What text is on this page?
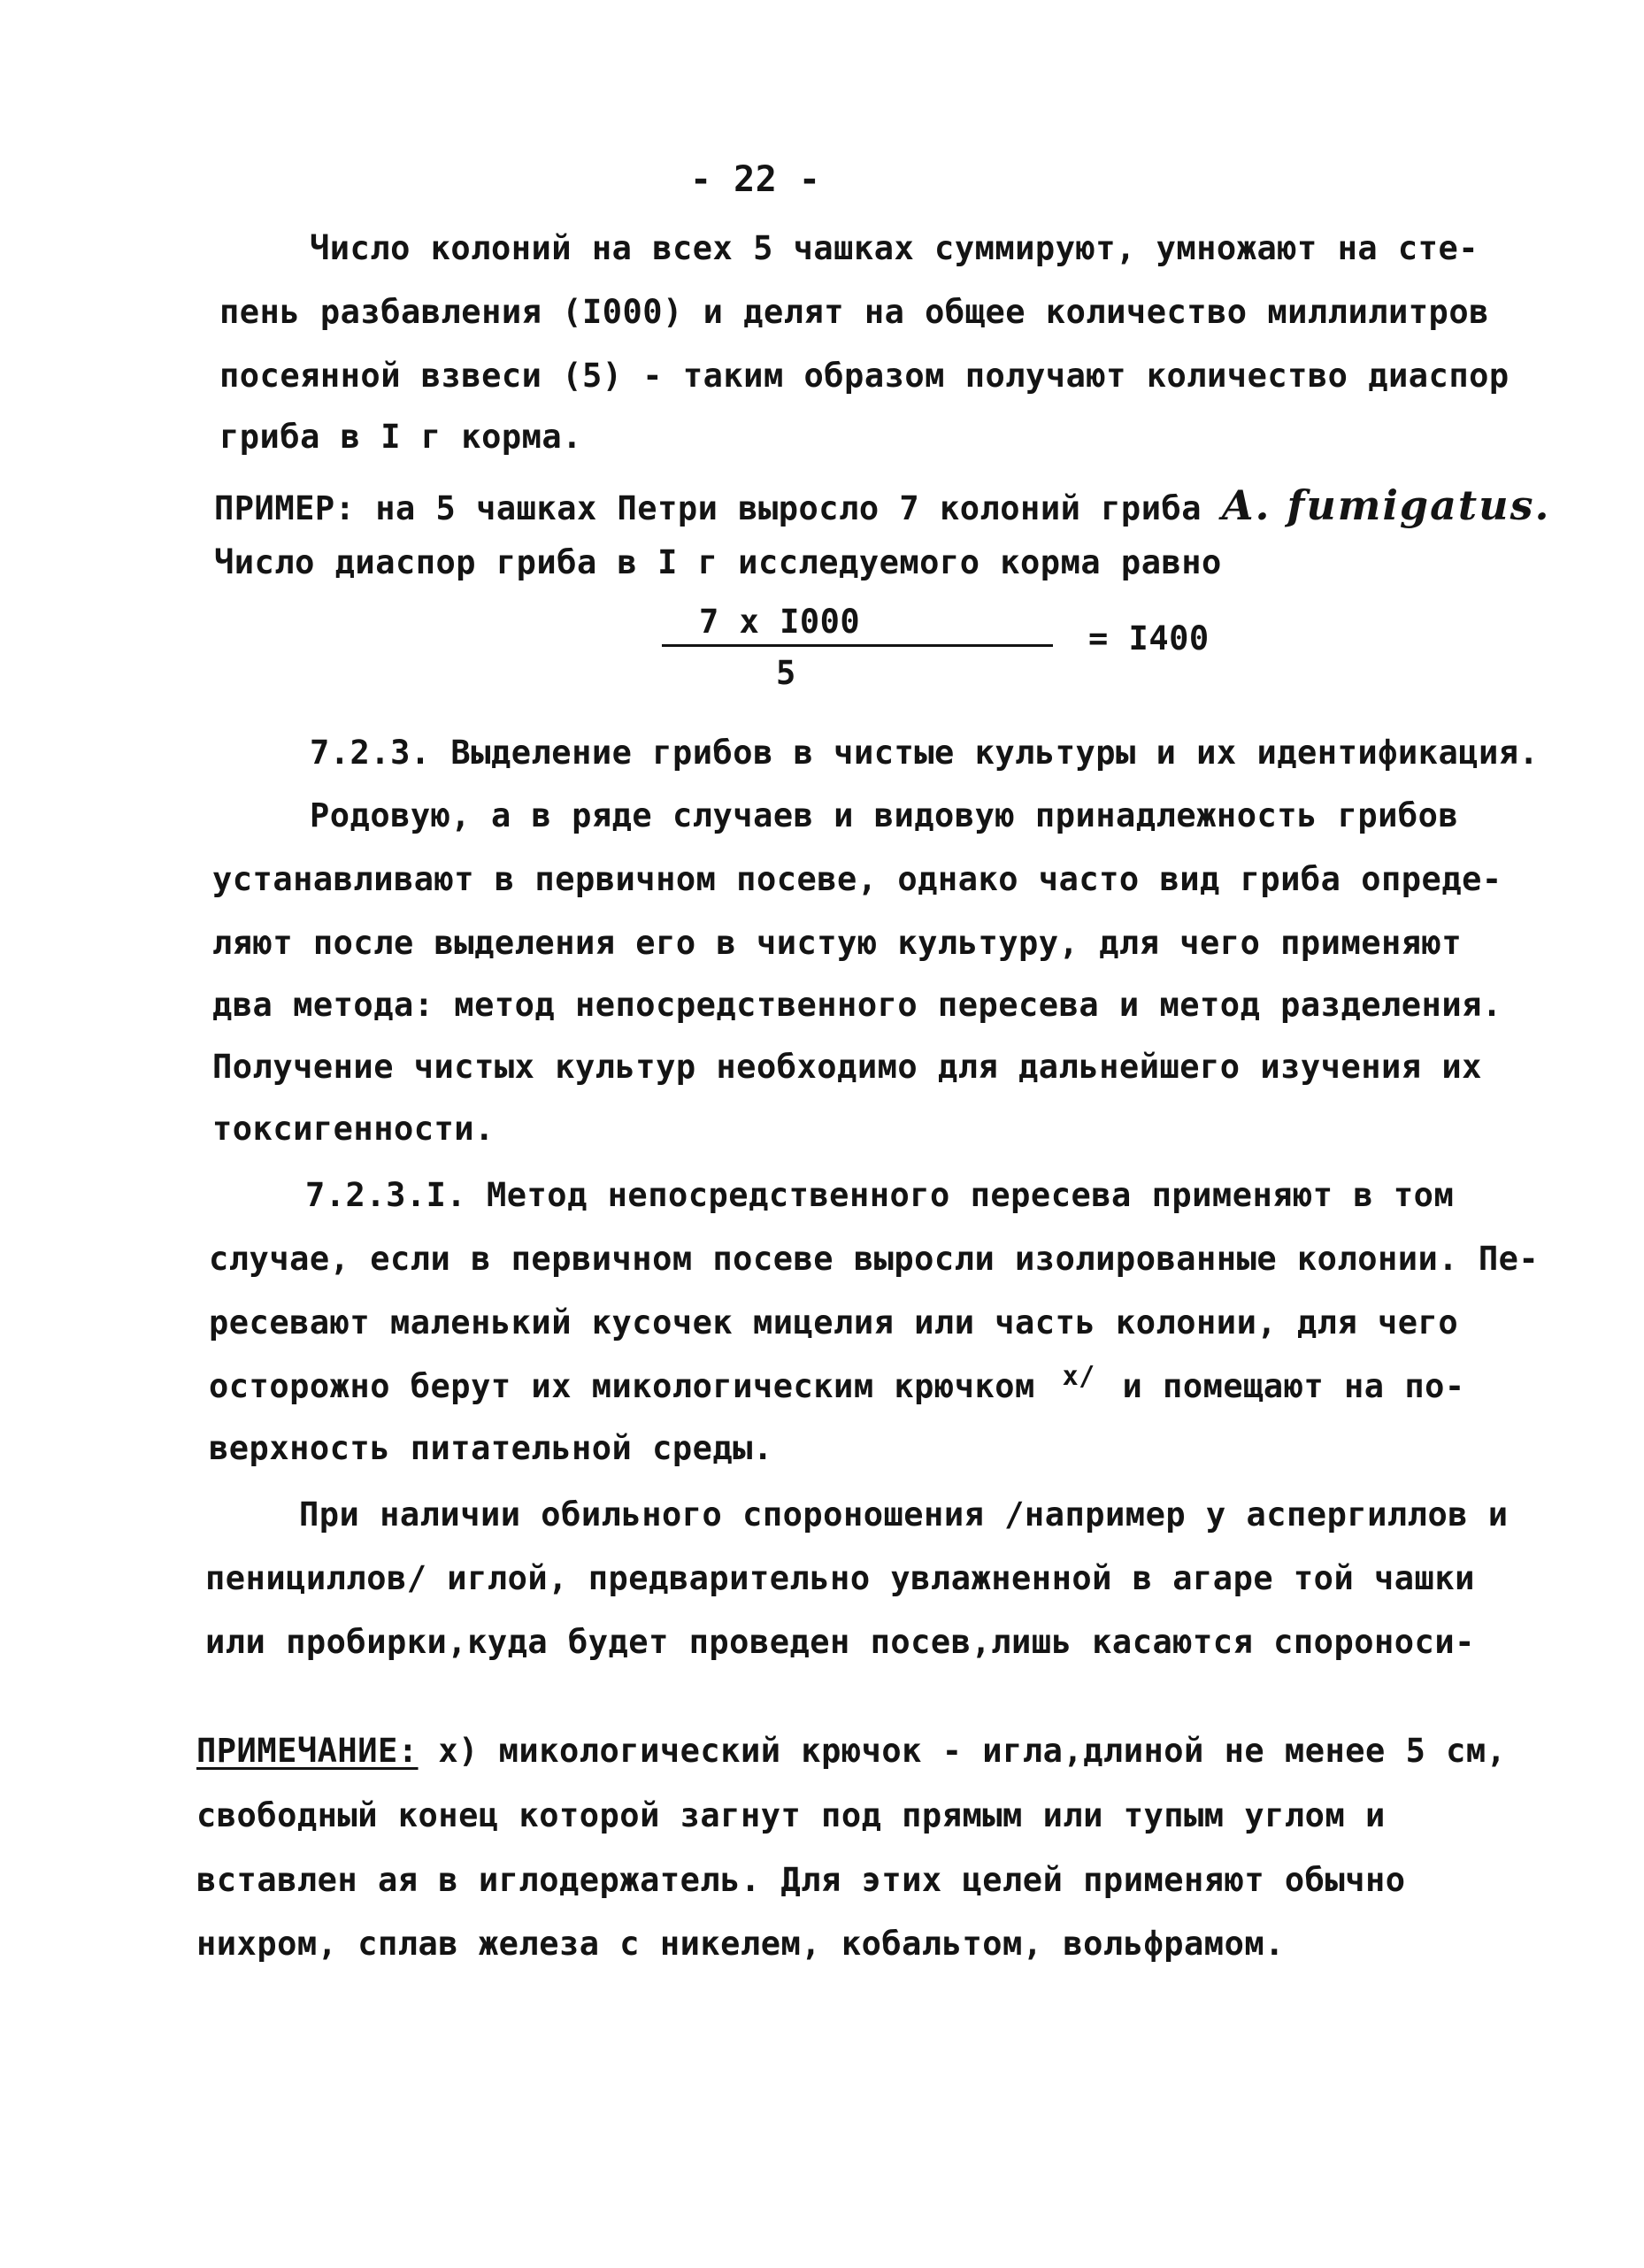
- 22 -
Число колоний на всех 5 чашках суммируют, умножают на сте-
пень разбавления (I000) и делят на общее количество миллилитров
посеянной взвеси (5) - таким образом получают количество диаспор
гриба в I г корма.
ПРИМЕР: на 5 чашках Петри выросло 7 колоний гриба A. fumigatus.
Число диаспор гриба в I г исследуемого корма равно
7 x I000
5
= I400
7.2.3. Выделение грибов в чистые культуры и их идентификация.
Родовую, а в ряде случаев и видовую принадлежность грибов
устанавливают в первичном посеве, однако часто вид гриба опреде-
ляют после выделения его в чистую культуру, для чего применяют
два метода: метод непосредственного пересева и метод разделения.
Получение чистых культур необходимо для дальнейшего изучения их
токсигенности.
7.2.3.I. Метод непосредственного пересева применяют в том
случае, если в первичном посеве выросли изолированные колонии. Пе-
ресевают маленький кусочек мицелия или часть колонии, для чего
осторожно берут их микологическим крючком $^{x/}$ и помещают на по-
верхность питательной среды.
При наличии обильного спороношения /например у аспергиллов и
пенициллов/ иглой, предварительно увлажненной в агаре той чашки
или пробирки,куда будет проведен посев,лишь касаются спороноси-
ПРИМЕЧАНИЕ: x) микологический крючок - игла,длиной не менее 5 см,
свободный конец которой загнут под прямым или тупым углом и
вставлен ая в иглодержатель. Для этих целей применяют обычно
нихром, сплав железа с никелем, кобальтом, вольфрамом.
